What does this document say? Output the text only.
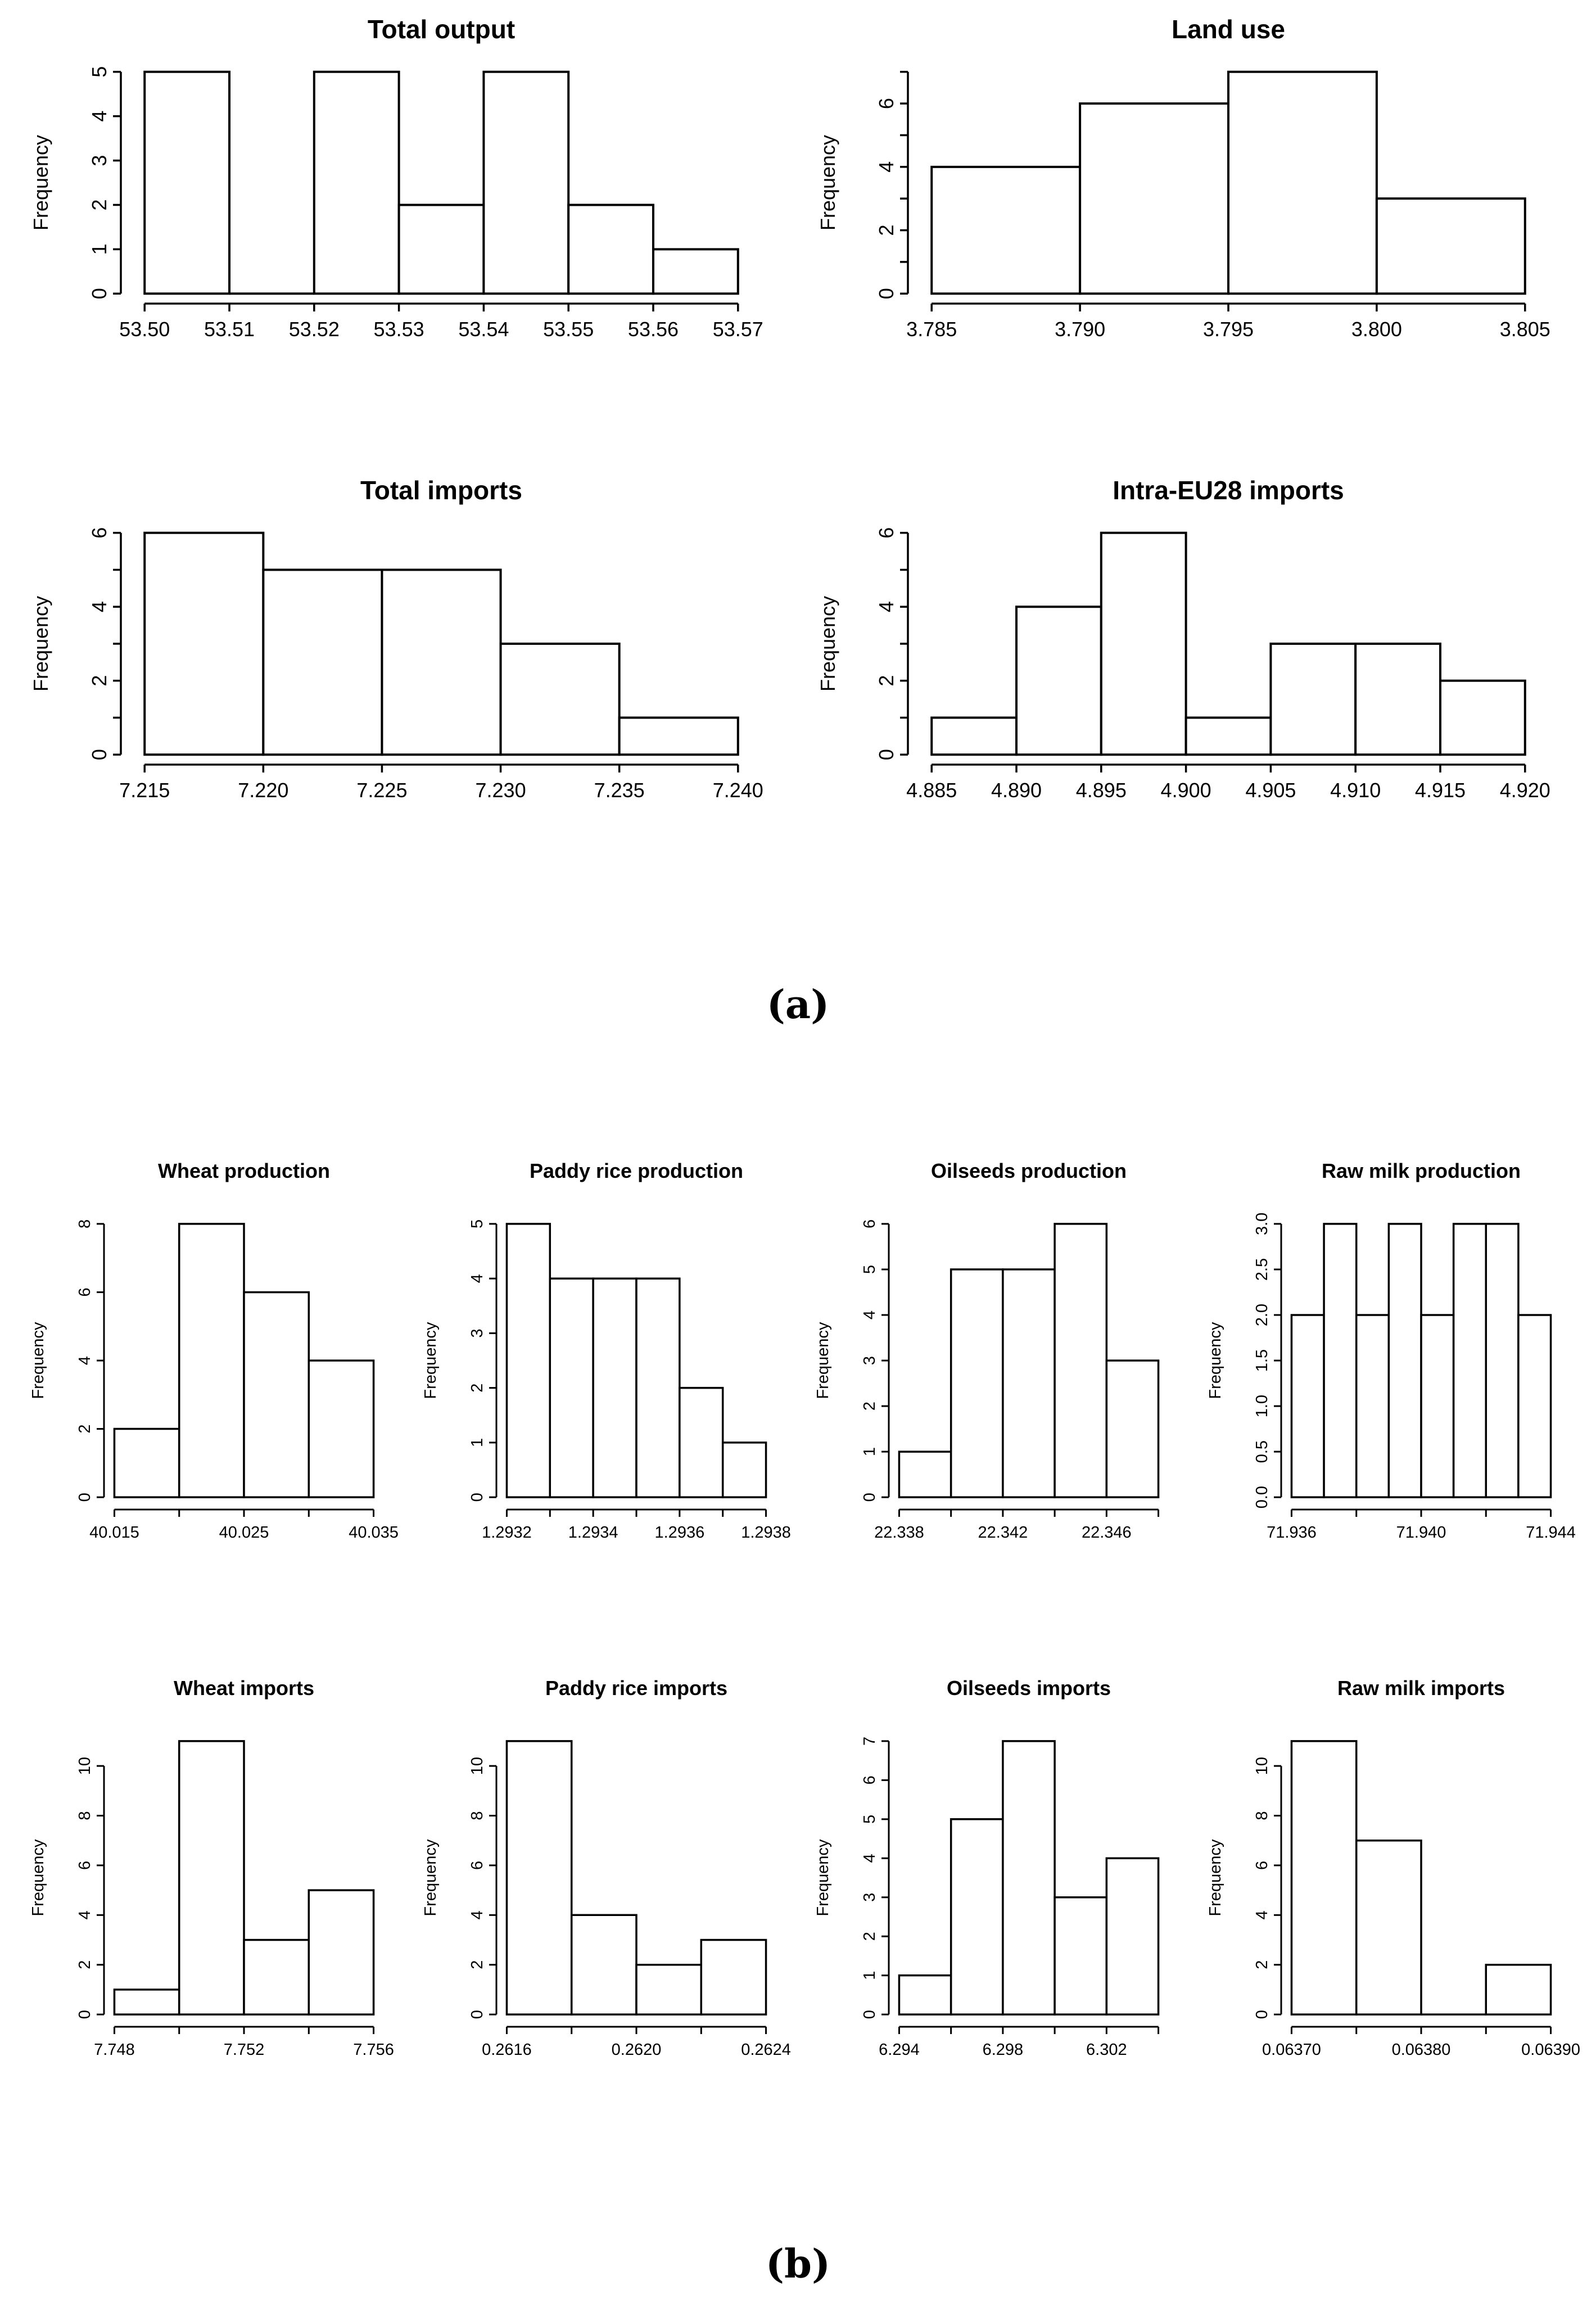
0
1
2
3
4
5
53.50 53.51 53.52 53.53 53.54 53.55 53.56 53.57
Total output
Frequency
0
2
4
6
3.785	3.790	3.795	3.800	3.805
Land use
Frequency
0
2
4
6
7.215	7.220	7.225	7.230	7.235	7.240
Total imports
Frequency
0
2
4
6
4.885 4.890 4.895 4.900 4.905 4.910 4.915 4.920
Intra-EU28 imports
Frequency
(a)
0
2
4
6
8
40.015	40.025	40.035
Wheat production
Frequency
0
1
2
3
4
5
1.2932 1.2934 1.2936 1.2938
Paddy rice production
Frequency
0
1
2
3
4
5
6
22.338	22.342	22.346
Oilseeds production
Frequency
0.0
0.5
1.0
1.5
2.0
2.5
3.0
71.936	71.940	71.944
Raw milk production
Frequency
0
2
4
6
8
10
7.748	7.752	7.756
Wheat imports
Frequency
0
2
4
6
8
10
0.2616	0.2620	0.2624
Paddy rice imports
Frequency
0
1
2
3
4
5
6
7
6.294	6.298	6.302
Oilseeds imports
Frequency
0
2
4
6
8
10
0.06370	0.06380	0.06390
Raw milk imports
Frequency
(b)
